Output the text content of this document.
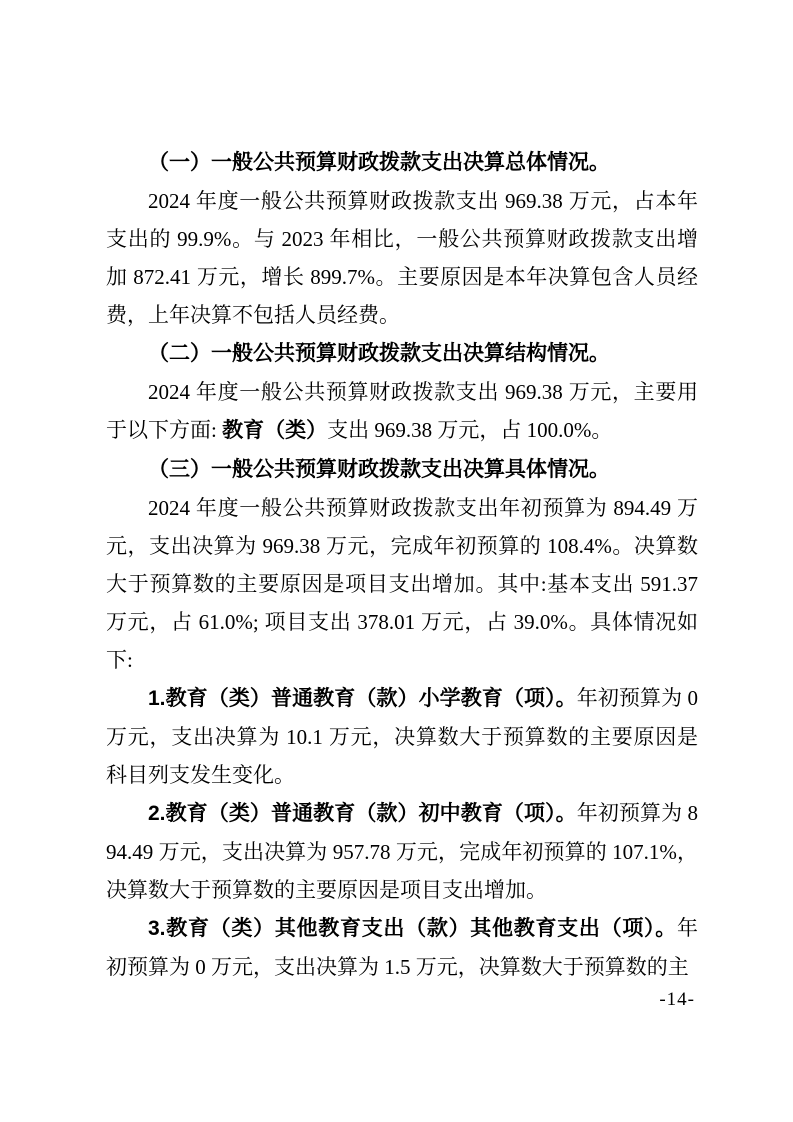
（一）一般公共预算财政拨款支出决算总体情况。

2024 年度一般公共预算财政拨款支出 969.38 万元，占本年支出的 99.9%。与 2023 年相比，一般公共预算财政拨款支出增加 872.41 万元，增长 899.7%。主要原因是本年决算包含人员经费，上年决算不包括人员经费。

（二）一般公共预算财政拨款支出决算结构情况。

2024 年度一般公共预算财政拨款支出 969.38 万元，主要用于以下方面: 教育（类）支出 969.38 万元，占 100.0%。

（三）一般公共预算财政拨款支出决算具体情况。

2024 年度一般公共预算财政拨款支出年初预算为 894.49 万元，支出决算为 969.38 万元，完成年初预算的 108.4%。决算数大于预算数的主要原因是项目支出增加。其中:基本支出 591.37 万元，占 61.0%; 项目支出 378.01 万元，占 39.0%。具体情况如下:

1.教育（类）普通教育（款）小学教育（项）。年初预算为 0 万元，支出决算为 10.1 万元，决算数大于预算数的主要原因是科目列支发生变化。

2.教育（类）普通教育（款）初中教育（项）。年初预算为 894.49 万元，支出决算为 957.78 万元，完成年初预算的 107.1%，决算数大于预算数的主要原因是项目支出增加。

3.教育（类）其他教育支出（款）其他教育支出（项）。年初预算为 0 万元，支出决算为 1.5 万元，决算数大于预算数的主

-14-
